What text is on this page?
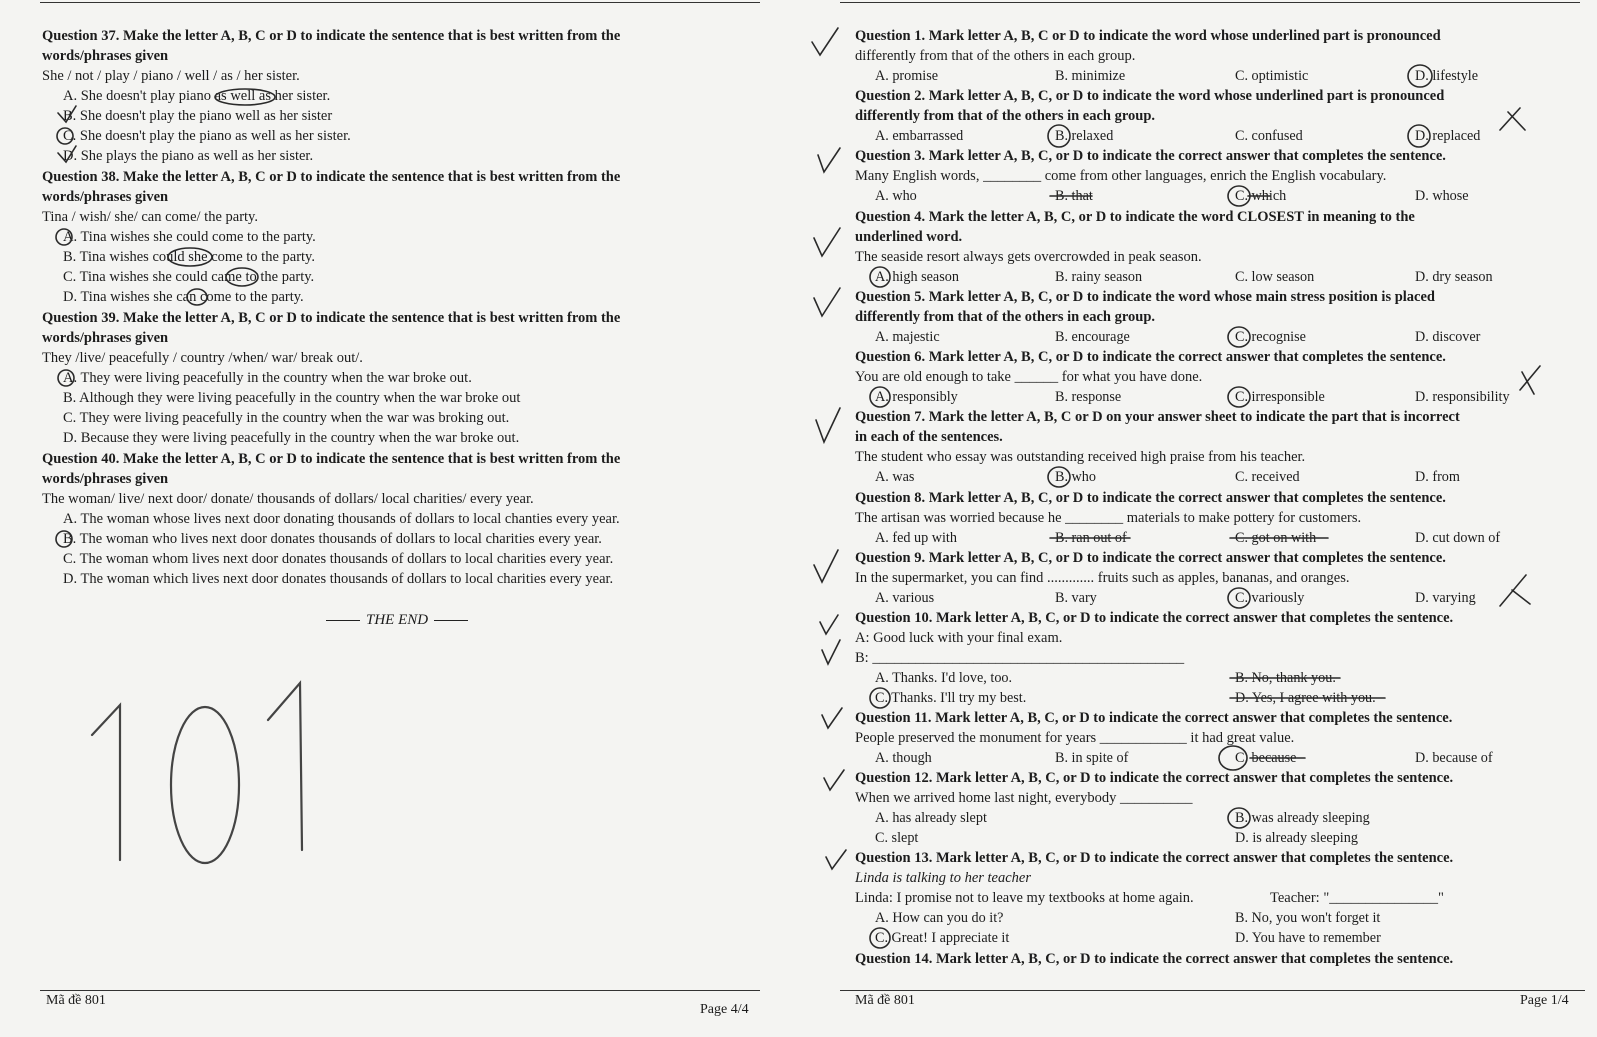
Question 37. Make the letter A, B, C or D to indicate the sentence that is best written from the
words/phrases given
She / not / play / piano / well / as / her sister.
A. She doesn't play piano as well as her sister.
B. She doesn't play the piano well as her sister
C. She doesn't play the piano as well as her sister.
D. She plays the piano as well as her sister.
Question 38. Make the letter A, B, C or D to indicate the sentence that is best written from the
words/phrases given
Tina / wish/ she/ can come/ the party.
A. Tina wishes she could come to the party.
B. Tina wishes could she come to the party.
C. Tina wishes she could came to the party.
D. Tina wishes she can come to the party.
Question 39. Make the letter A, B, C or D to indicate the sentence that is best written from the
words/phrases given
They /live/ peacefully / country /when/ war/ break out/.
A. They were living peacefully in the country when the war broke out.
B. Although they were living peacefully in the country when the war broke out
C. They were living peacefully in the country when the war was broking out.
D. Because they were living peacefully in the country when the war broke out.
Question 40. Make the letter A, B, C or D to indicate the sentence that is best written from the
words/phrases given
The woman/ live/ next door/ donate/ thousands of dollars/ local charities/ every year.
A. The woman whose lives next door donating thousands of dollars to local chanties every year.
B. The woman who lives next door donates thousands of dollars to local charities every year.
C. The woman whom lives next door donates thousands of dollars to local charities every year.
D. The woman which lives next door donates thousands of dollars to local charities every year.
THE END
Mã đề 801
Page 4/4
Question 1. Mark letter A, B, C or D to indicate the word whose underlined part is pronounced
differently from that of the others in each group.
A. promise	B. minimize	C. optimistic	D. lifestyle
Question 2. Mark letter A, B, C, or D to indicate the word whose underlined part is pronounced
differently from that of the others in each group.
A. embarrassed	B. relaxed	C. confused	D. replaced
Question 3. Mark letter A, B, C, or D to indicate the correct answer that completes the sentence.
Many English words, ________ come from other languages, enrich the English vocabulary.
A. who	B. that	C. which	D. whose
Question 4. Mark the letter A, B, C, or D to indicate the word CLOSEST in meaning to the
underlined word.
The seaside resort always gets overcrowded in peak season.
A. high season	B. rainy season	C. low season	D. dry season
Question 5. Mark letter A, B, C, or D to indicate the word whose main stress position is placed
differently from that of the others in each group.
A. majestic	B. encourage	C. recognise	D. discover
Question 6. Mark letter A, B, C, or D to indicate the correct answer that completes the sentence.
You are old enough to take ______ for what you have done.
A. responsibly	B. response	C. irresponsible	D. responsibility
Question 7. Mark the letter A, B, C or D on your answer sheet to indicate the part that is incorrect
in each of the sentences.
The student who essay was outstanding received high praise from his teacher.
A. was	B. who	C. received	D. from
Question 8. Mark letter A, B, C, or D to indicate the correct answer that completes the sentence.
The artisan was worried because he ________ materials to make pottery for customers.
A. fed up with	B. ran out of	C. got on with	D. cut down of
Question 9. Mark letter A, B, C, or D to indicate the correct answer that completes the sentence.
In the supermarket, you can find ............. fruits such as apples, bananas, and oranges.
A. various	B. vary	C. variously	D. varying
Question 10. Mark letter A, B, C, or D to indicate the correct answer that completes the sentence.
A: Good luck with your final exam.
B: ___________________________________________
A. Thanks. I'd love, too.	B. No, thank you.
C. Thanks. I'll try my best.	D. Yes, I agree with you.
Question 11. Mark letter A, B, C, or D to indicate the correct answer that completes the sentence.
People preserved the monument for years ____________ it had great value.
A. though	B. in spite of	C. because	D. because of
Question 12. Mark letter A, B, C, or D to indicate the correct answer that completes the sentence.
When we arrived home last night, everybody __________
A. has already slept	B. was already sleeping
C. slept	D. is already sleeping
Question 13. Mark letter A, B, C, or D to indicate the correct answer that completes the sentence.
Linda is talking to her teacher
Linda: I promise not to leave my textbooks at home again.	Teacher: "_______________"
A. How can you do it?	B. No, you won't forget it
C. Great! I appreciate it	D. You have to remember
Question 14. Mark letter A, B, C, or D to indicate the correct answer that completes the sentence.
Mã đề 801	Page 1/4
